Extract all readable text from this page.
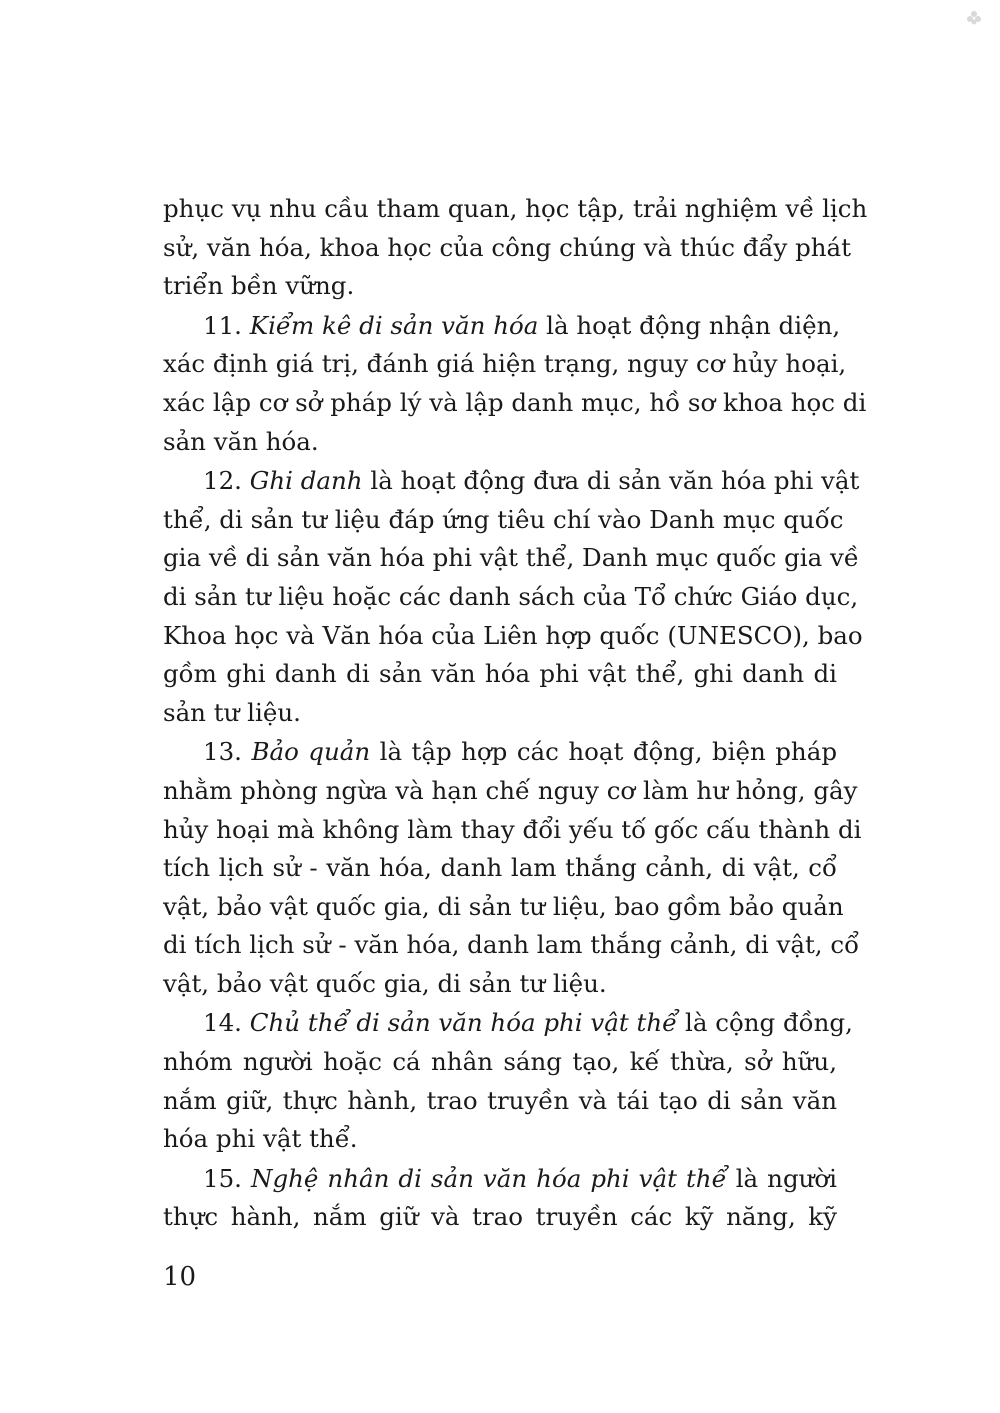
phục vụ nhu cầu tham quan, học tập, trải nghiệm về lịch
sử, văn hóa, khoa học của công chúng và thúc đẩy phát
triển bền vững.
11. Kiểm kê di sản văn hóa là hoạt động nhận diện,
xác định giá trị, đánh giá hiện trạng, nguy cơ hủy hoại,
xác lập cơ sở pháp lý và lập danh mục, hồ sơ khoa học di
sản văn hóa.
12. Ghi danh là hoạt động đưa di sản văn hóa phi vật
thể, di sản tư liệu đáp ứng tiêu chí vào Danh mục quốc
gia về di sản văn hóa phi vật thể, Danh mục quốc gia về
di sản tư liệu hoặc các danh sách của Tổ chức Giáo dục,
Khoa học và Văn hóa của Liên hợp quốc (UNESCO), bao
gồm ghi danh di sản văn hóa phi vật thể, ghi danh di
sản tư liệu.
13. Bảo quản là tập hợp các hoạt động, biện pháp
nhằm phòng ngừa và hạn chế nguy cơ làm hư hỏng, gây
hủy hoại mà không làm thay đổi yếu tố gốc cấu thành di
tích lịch sử - văn hóa, danh lam thắng cảnh, di vật, cổ
vật, bảo vật quốc gia, di sản tư liệu, bao gồm bảo quản
di tích lịch sử - văn hóa, danh lam thắng cảnh, di vật, cổ
vật, bảo vật quốc gia, di sản tư liệu.
14. Chủ thể di sản văn hóa phi vật thể là cộng đồng,
nhóm người hoặc cá nhân sáng tạo, kế thừa, sở hữu,
nắm giữ, thực hành, trao truyền và tái tạo di sản văn
hóa phi vật thể.
15. Nghệ nhân di sản văn hóa phi vật thể là người
thực hành, nắm giữ và trao truyền các kỹ năng, kỹ
10
